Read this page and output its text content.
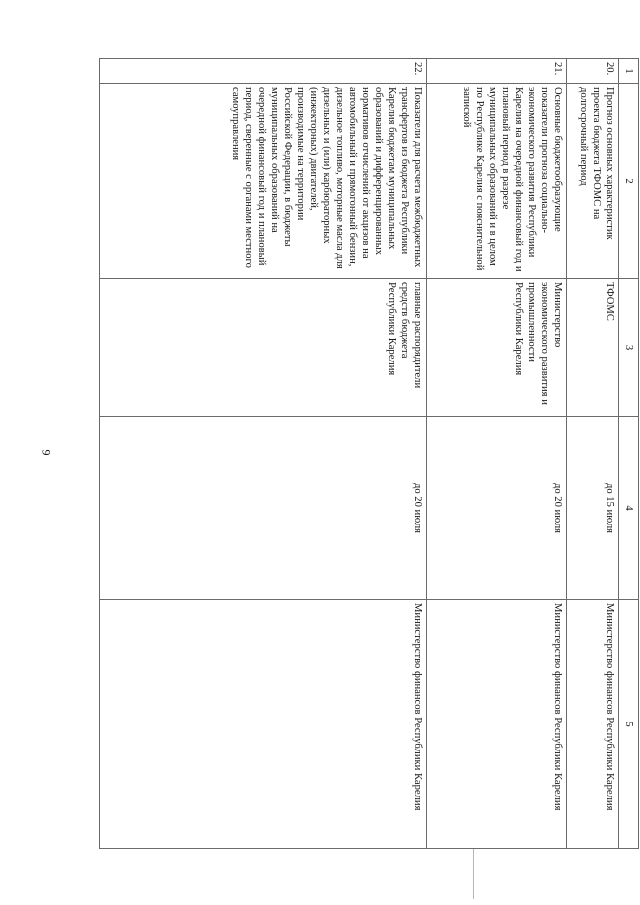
9
1	2	3	4	5
20.	Прогноз основных характеристик проекта бюджета ТФОМС на долгосрочный период	ТФОМС	до 15 июля	Министерство финансов Республики Карелия
21.	Основные бюджетообразующие показатели прогноза социально-экономического развития Республики Карелия на очередной финансовый год и плановый период в разрезе муниципальных образований и в целом по Республике Карелия с пояснительной запиской	Министерство экономического развития и промышленности Республики Карелия	до 20 июля	Министерство финансов Республики Карелия
22.	Показатели для расчета межбюджетных трансфертов из бюджета Республики Карелия бюджетам муниципальных образований и дифференцированных нормативов отчислений от акцизов на автомобильный и прямогонный бензин, дизельное топливо, моторные масла для дизельных и (или) карбюраторных (инжекторных) двигателей, производимые на территории Российской Федерации, в бюджеты муниципальных образований на очередной финансовый год и плановый период, сверенные с органами местного самоуправления	главные распорядители средств бюджета Республики Карелия	до 20 июля	Министерство финансов Республики Карелия
